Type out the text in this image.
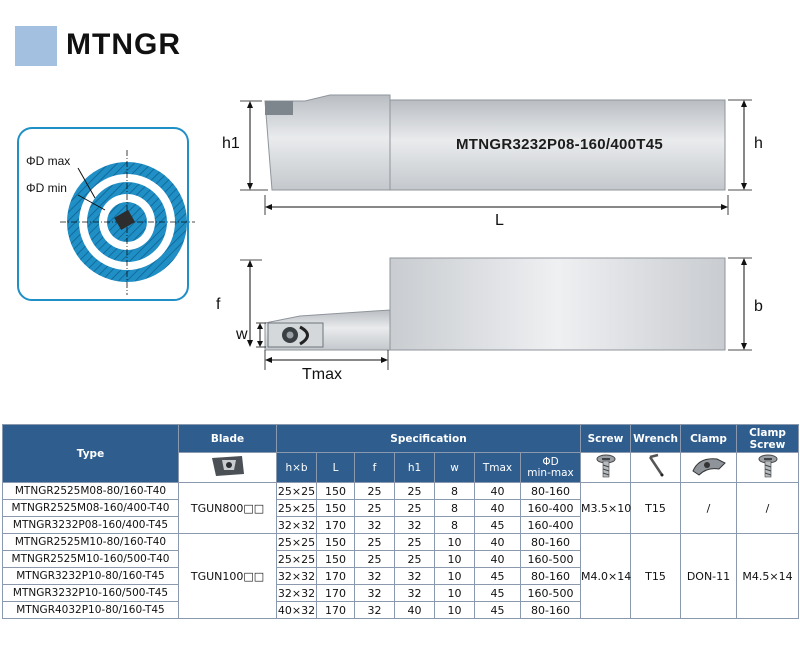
MTNGR
ΦD max
ΦD min
MTNGR3232P08-160/400T45
h1	h
L
f	b
w
Tmax
Type	Blade	Specification							Screw	Wrench	Clamp	Clamp Screw
	h×b	L	f	h1	w	Tmax	ΦD
min-max

MTNGR2525M08-80/160-T40	TGUN800□□	25×25	150	25	25	8	40	80-160	M3.5×10	T15	/	/
MTNGR2525M08-160/400-T40		25×25	150	25	25	8	40	160-400				
MTNGR3232P08-160/400-T45		32×32	170	32	32	8	45	160-400				
MTNGR2525M10-80/160-T40	TGUN100□□	25×25	150	25	25	10	40	80-160	M4.0×14	T15	DON-11	M4.5×14
MTNGR2525M10-160/500-T40		25×25	150	25	25	10	40	160-500				
MTNGR3232P10-80/160-T45		32×32	170	32	32	10	45	80-160				
MTNGR3232P10-160/500-T45		32×32	170	32	32	10	45	160-500				
MTNGR4032P10-80/160-T45		40×32	170	32	40	10	45	80-160				
